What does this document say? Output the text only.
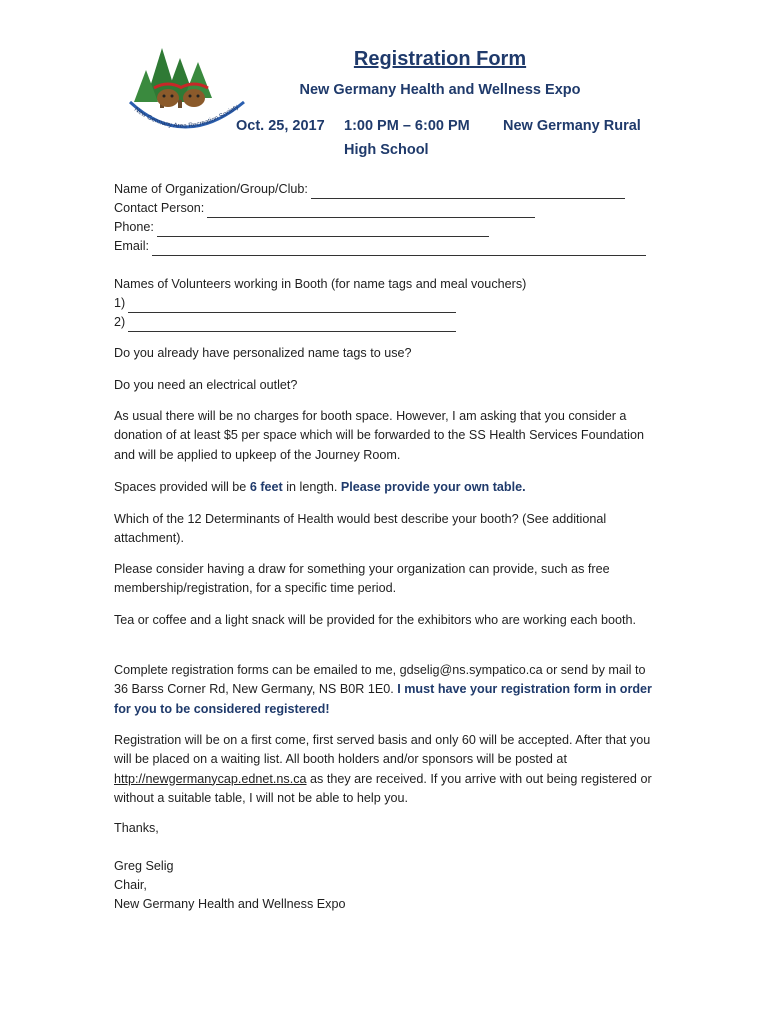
New Germany Area Recreation Society
Registration Form

New Germany Health and Wellness Expo

Oct. 25, 2017 1:00 PM – 6:00 PM New Germany Rural
High School
Name of Organization/Group/Club:
Contact Person:
Phone:
Email:

Names of Volunteers working in Booth (for name tags and meal vouchers)

1)
2)

Do you already have personalized name tags to use?

Do you need an electrical outlet?

As usual there will be no charges for booth space. However, I am asking that you consider a donation of at least $5 per space which will be forwarded to the SS Health Services Foundation and will be applied to upkeep of the Journey Room.

Spaces provided will be 6 feet in length. Please provide your own table.

Which of the 12 Determinants of Health would best describe your booth? (See additional attachment).

Please consider having a draw for something your organization can provide, such as free membership/registration, for a specific time period.

Tea or coffee and a light snack will be provided for the exhibitors who are working each booth.

Complete registration forms can be emailed to me, gdselig@ns.sympatico.ca or send by mail to 36 Barss Corner Rd, New Germany, NS B0R 1E0. I must have your registration form in order for you to be considered registered!

Registration will be on a first come, first served basis and only 60 will be accepted. After that you will be placed on a waiting list. All booth holders and/or sponsors will be posted at http://newgermanycap.ednet.ns.ca as they are received. If you arrive with out being registered or without a suitable table, I will not be able to help you.

Thanks,

Greg Selig

Chair,

New Germany Health and Wellness Expo
